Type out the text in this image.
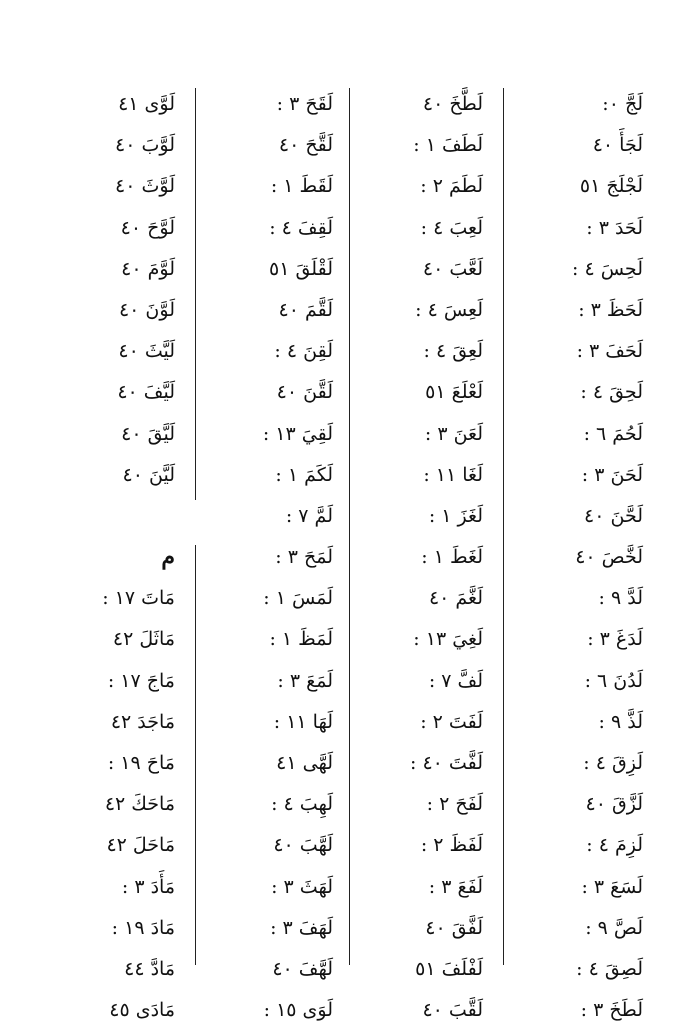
لَجَّ ۰:
لَجَأَ ٤٠
لَجْلَجَ ٥١
لَحَدَ ٣ :
لَحِسَ ٤ :
لَحَظَ ٣ :
لَحَفَ ٣ :
لَحِقَ ٤ :
لَحُمَ ٦ :
لَحَنَ ٣ :
لَحَّنَ ٤٠
لَخَّصَ ٤٠
لَدَّ ٩ :
لَدَغَ ٣ :
لَدُنَ ٦ :
لَذَّ ٩ :
لَزِقَ ٤ :
لَزَّقَ ٤٠
لَزِمَ ٤ :
لَسَعَ ٣ :
لَصَّ ٩ :
لَصِقَ ٤ :
لَطَخَ ٣ :
لَطَّخَ ٤٠
لَطَفَ ١ :
لَطَمَ ٢ :
لَعِبَ ٤ :
لَعَّبَ ٤٠
لَعِسَ ٤ :
لَعِقَ ٤ :
لَعْلَعَ ٥١
لَعَنَ ٣ :
لَغَا ١١ :
لَغَزَ ١ :
لَغَطَ ١ :
لَغَّمَ ٤٠
لَغِيَ ١٣ :
لَفَّ ٧ :
لَفَتَ ٢ :
لَفَّتَ ٤٠ :
لَفَحَ ٢ :
لَفَظَ ٢ :
لَفَعَ ٣ :
لَفَّقَ ٤٠
لَفْلَفَ ٥١
لَقَّبَ ٤٠
لَقَحَ ٣ :
لَقَّحَ ٤٠
لَقَطَ ١ :
لَقِفَ ٤ :
لَقْلَقَ ٥١
لَقَّمَ ٤٠
لَقِنَ ٤ :
لَقَّنَ ٤٠
لَقِيَ ١٣ :
لَكَمَ ١ :
لَمَّ ٧ :
لَمَحَ ٣ :
لَمَسَ ١ :
لَمَظَ ١ :
لَمَعَ ٣ :
لَهَا ١١ :
لَهَّى ٤١
لَهِبَ ٤ :
لَهَّبَ ٤٠
لَهَثَ ٣ :
لَهَفَ ٣ :
لَهَّفَ ٤٠
لَوَى ١٥ :
لَوَّى ٤١
لَوَّبَ ٤٠
لَوَّثَ ٤٠
لَوَّحَ ٤٠
لَوَّمَ ٤٠
لَوَّنَ ٤٠
لَيَّثَ ٤٠
لَيَّفَ ٤٠
لَيَّقَ ٤٠
لَيَّنَ ٤٠
م
مَاتَ ١٧ :
مَاثَلَ ٤٢
مَاجَ ١٧ :
مَاجَدَ ٤٢
مَاحَ ١٩ :
مَاحَكَ ٤٢
مَاحَلَ ٤٢
مَأَدَ ٣ :
مَادَ ١٩ :
مَادَّ ٤٤
مَادَى ٤٥
